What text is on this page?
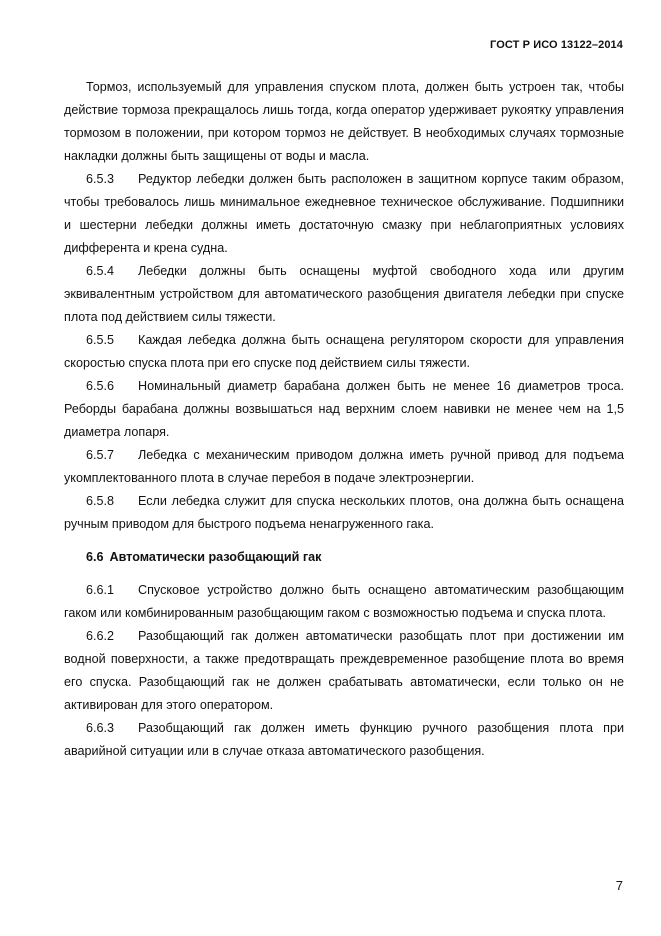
ГОСТ Р ИСО 13122–2014

Тормоз, используемый для управления спуском плота, должен быть устроен так, чтобы действие тормоза прекращалось лишь тогда, когда оператор удерживает рукоятку управления тормозом в положении, при котором тормоз не действует. В необходимых случаях тормозные накладки должны быть защищены от воды и масла.

6.5.3 Редуктор лебедки должен быть расположен в защитном корпусе таким образом, чтобы требовалось лишь минимальное ежедневное техническое обслуживание. Подшипники и шестерни лебедки должны иметь достаточную смазку при неблагоприятных условиях дифферента и крена судна.

6.5.4 Лебедки должны быть оснащены муфтой свободного хода или другим эквивалентным устройством для автоматического разобщения двигателя лебедки при спуске плота под действием силы тяжести.

6.5.5 Каждая лебедка должна быть оснащена регулятором скорости для управления скоростью спуска плота при его спуске под действием силы тяжести.

6.5.6 Номинальный диаметр барабана должен быть не менее 16 диаметров троса. Реборды барабана должны возвышаться над верхним слоем навивки не менее чем на 1,5 диаметра лопаря.

6.5.7 Лебедка с механическим приводом должна иметь ручной привод для подъема укомплектованного плота в случае перебоя в подаче электроэнергии.

6.5.8 Если лебедка служит для спуска нескольких плотов, она должна быть оснащена ручным приводом для быстрого подъема ненагруженного гака.

6.6 Автоматически разобщающий гак

6.6.1 Спусковое устройство должно быть оснащено автоматическим разобщающим гаком или комбинированным разобщающим гаком с возможностью подъема и спуска плота.

6.6.2 Разобщающий гак должен автоматически разобщать плот при достижении им водной поверхности, а также предотвращать преждевременное разобщение плота во время его спуска. Разобщающий гак не должен срабатывать автоматически, если только он не активирован для этого оператором.

6.6.3 Разобщающий гак должен иметь функцию ручного разобщения плота при аварийной ситуации или в случае отказа автоматического разобщения.

7
